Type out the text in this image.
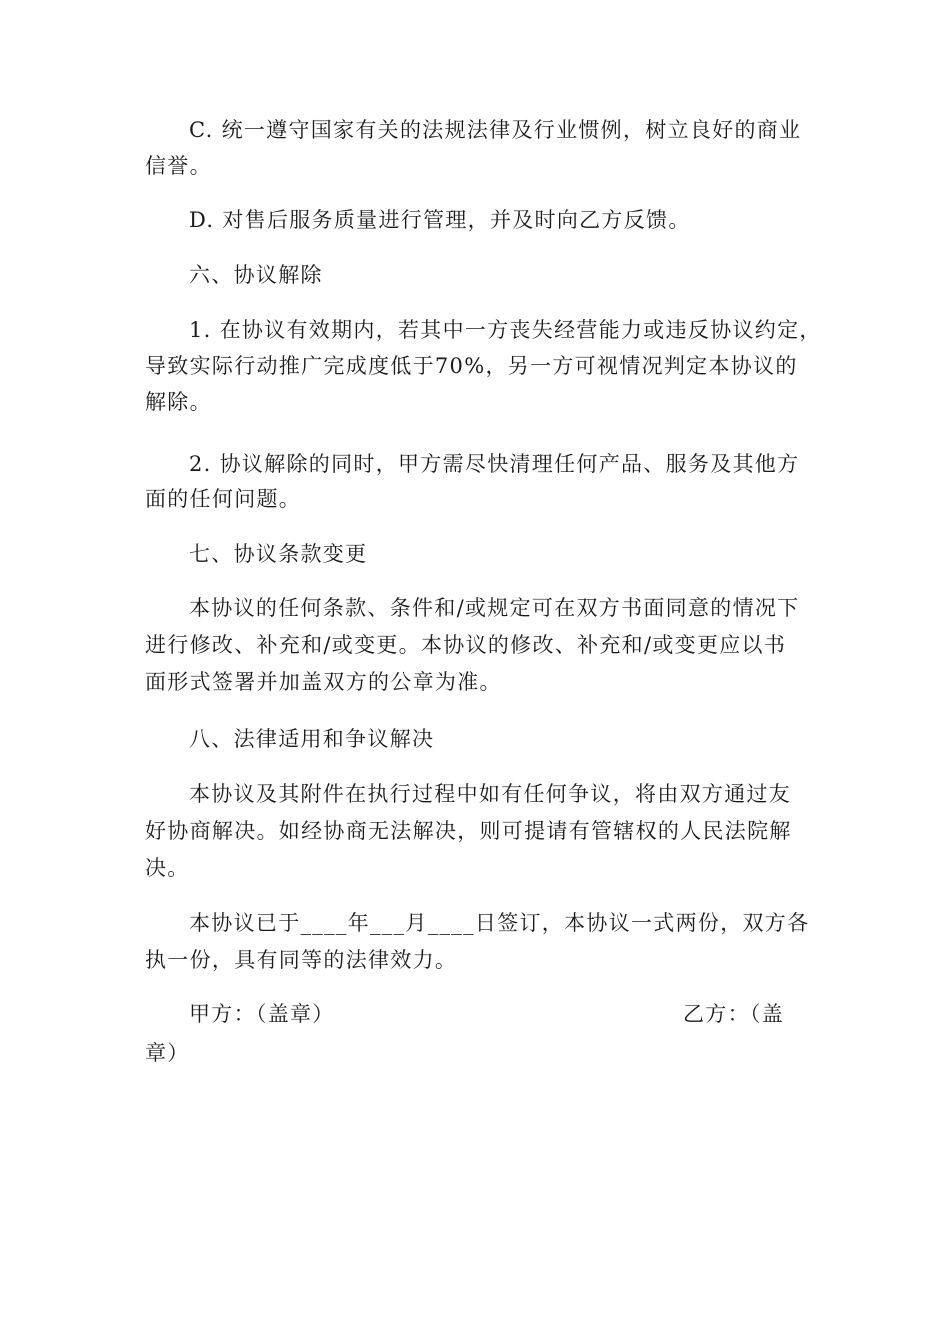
C. 统一遵守国家有关的法规法律及行业惯例，树立良好的商业
信誉。
D. 对售后服务质量进行管理，并及时向乙方反馈。
六、协议解除
1. 在协议有效期内，若其中一方丧失经营能力或违反协议约定，
导致实际行动推广完成度低于70%，另一方可视情况判定本协议的
解除。
2. 协议解除的同时，甲方需尽快清理任何产品、服务及其他方
面的任何问题。
七、协议条款变更
本协议的任何条款、条件和/或规定可在双方书面同意的情况下
进行修改、补充和/或变更。本协议的修改、补充和/或变更应以书
面形式签署并加盖双方的公章为准。
八、法律适用和争议解决
本协议及其附件在执行过程中如有任何争议，将由双方通过友
好协商解决。如经协商无法解决，则可提请有管辖权的人民法院解
决。
本协议已于____年___月____日签订，本协议一式两份，双方各
执一份，具有同等的法律效力。
甲方：（盖章）	乙方：（盖
章）
